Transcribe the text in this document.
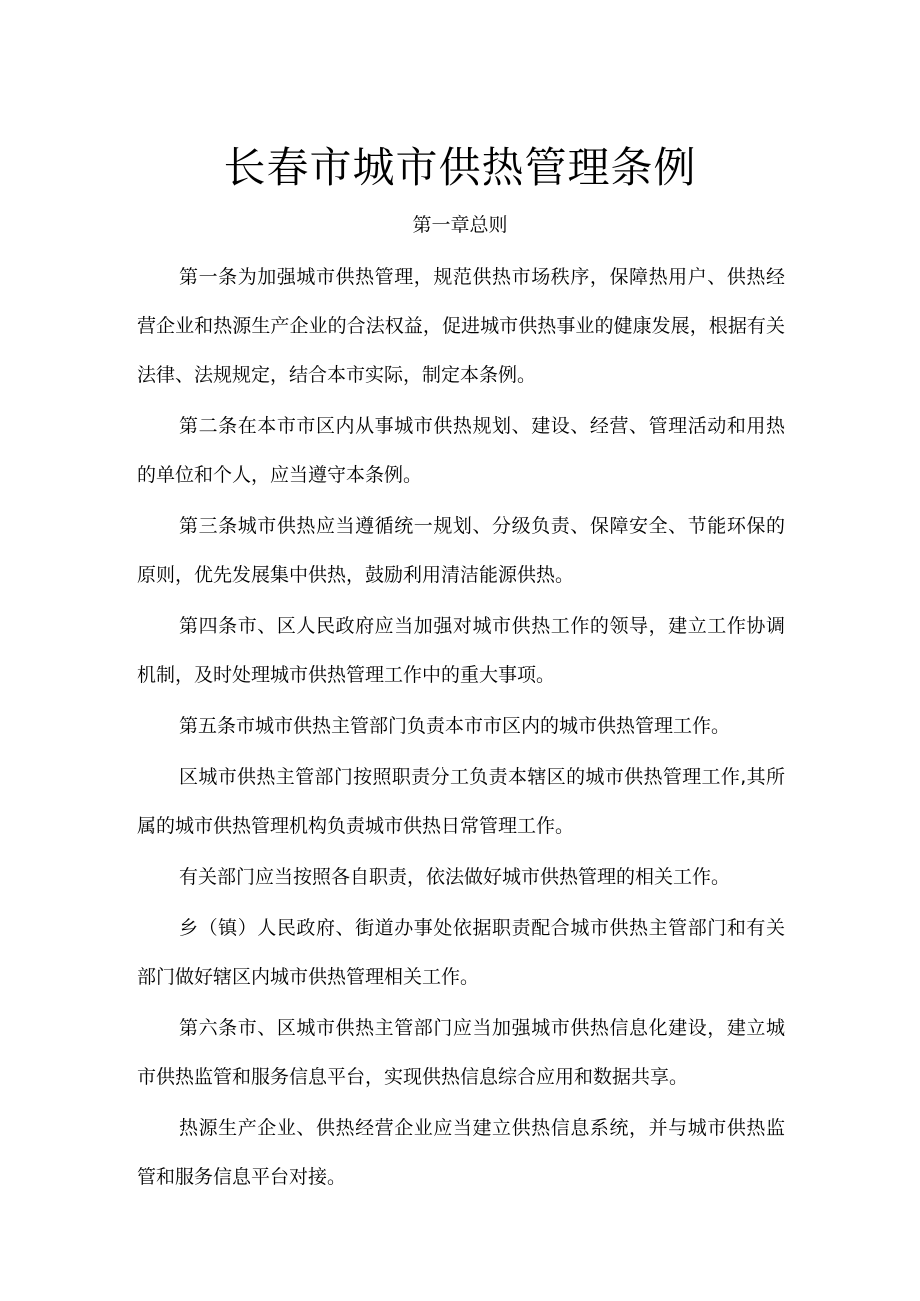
长春市城市供热管理条例
第一章总则

第一条为加强城市供热管理，规范供热市场秩序，保障热用户、供热经营企业和热源生产企业的合法权益，促进城市供热事业的健康发展，根据有关法律、法规规定，结合本市实际，制定本条例。

第二条在本市市区内从事城市供热规划、建设、经营、管理活动和用热的单位和个人，应当遵守本条例。

第三条城市供热应当遵循统一规划、分级负责、保障安全、节能环保的原则，优先发展集中供热，鼓励利用清洁能源供热。

第四条市、区人民政府应当加强对城市供热工作的领导，建立工作协调机制，及时处理城市供热管理工作中的重大事项。

第五条市城市供热主管部门负责本市市区内的城市供热管理工作。

区城市供热主管部门按照职责分工负责本辖区的城市供热管理工作,其所属的城市供热管理机构负责城市供热日常管理工作。

有关部门应当按照各自职责，依法做好城市供热管理的相关工作。

乡（镇）人民政府、街道办事处依据职责配合城市供热主管部门和有关部门做好辖区内城市供热管理相关工作。

第六条市、区城市供热主管部门应当加强城市供热信息化建设，建立城市供热监管和服务信息平台，实现供热信息综合应用和数据共享。

热源生产企业、供热经营企业应当建立供热信息系统，并与城市供热监管和服务信息平台对接。
